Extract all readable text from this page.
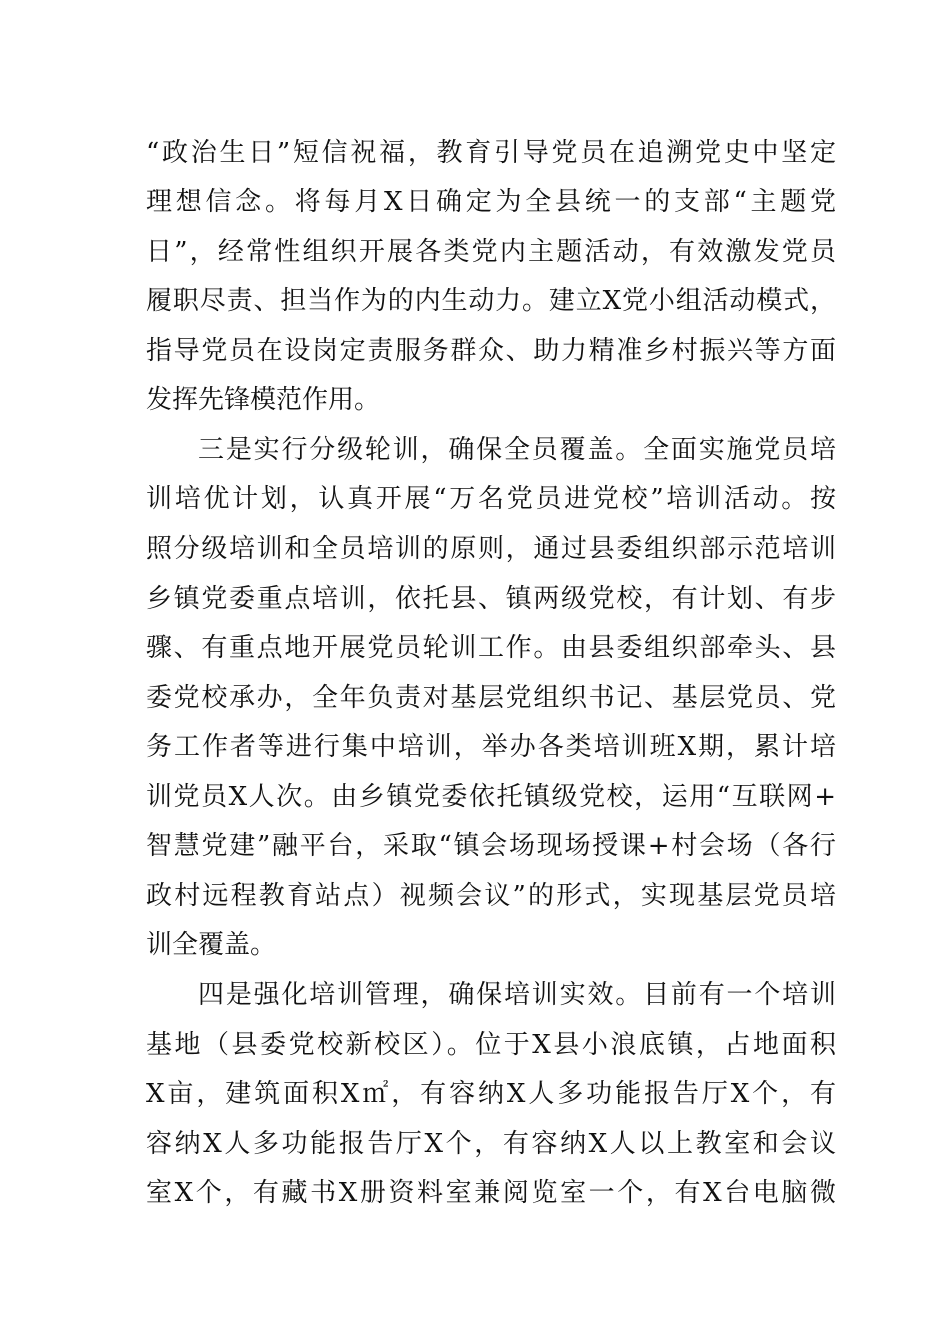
“政治生日”短信祝福，教育引导党员在追溯党史中坚定
理想信念。将每月X日确定为全县统一的支部“主题党
日”，经常性组织开展各类党内主题活动，有效激发党员
履职尽责、担当作为的内生动力。建立X党小组活动模式，
指导党员在设岗定责服务群众、助力精准乡村振兴等方面
发挥先锋模范作用。
三是实行分级轮训，确保全员覆盖。全面实施党员培
训培优计划，认真开展“万名党员进党校”培训活动。按
照分级培训和全员培训的原则，通过县委组织部示范培训
乡镇党委重点培训，依托县、镇两级党校，有计划、有步
骤、有重点地开展党员轮训工作。由县委组织部牵头、县
委党校承办，全年负责对基层党组织书记、基层党员、党
务工作者等进行集中培训，举办各类培训班X期，累计培
训党员X人次。由乡镇党委依托镇级党校，运用“互联网+
智慧党建”融平台，采取“镇会场现场授课+村会场（各行
政村远程教育站点）视频会议”的形式，实现基层党员培
训全覆盖。
四是强化培训管理，确保培训实效。目前有一个培训
基地（县委党校新校区）。位于X县小浪底镇，占地面积
X亩，建筑面积X㎡，有容纳X人多功能报告厅X个，有
容纳X人多功能报告厅X个，有容纳X人以上教室和会议
室X个，有藏书X册资料室兼阅览室一个，有X台电脑微
